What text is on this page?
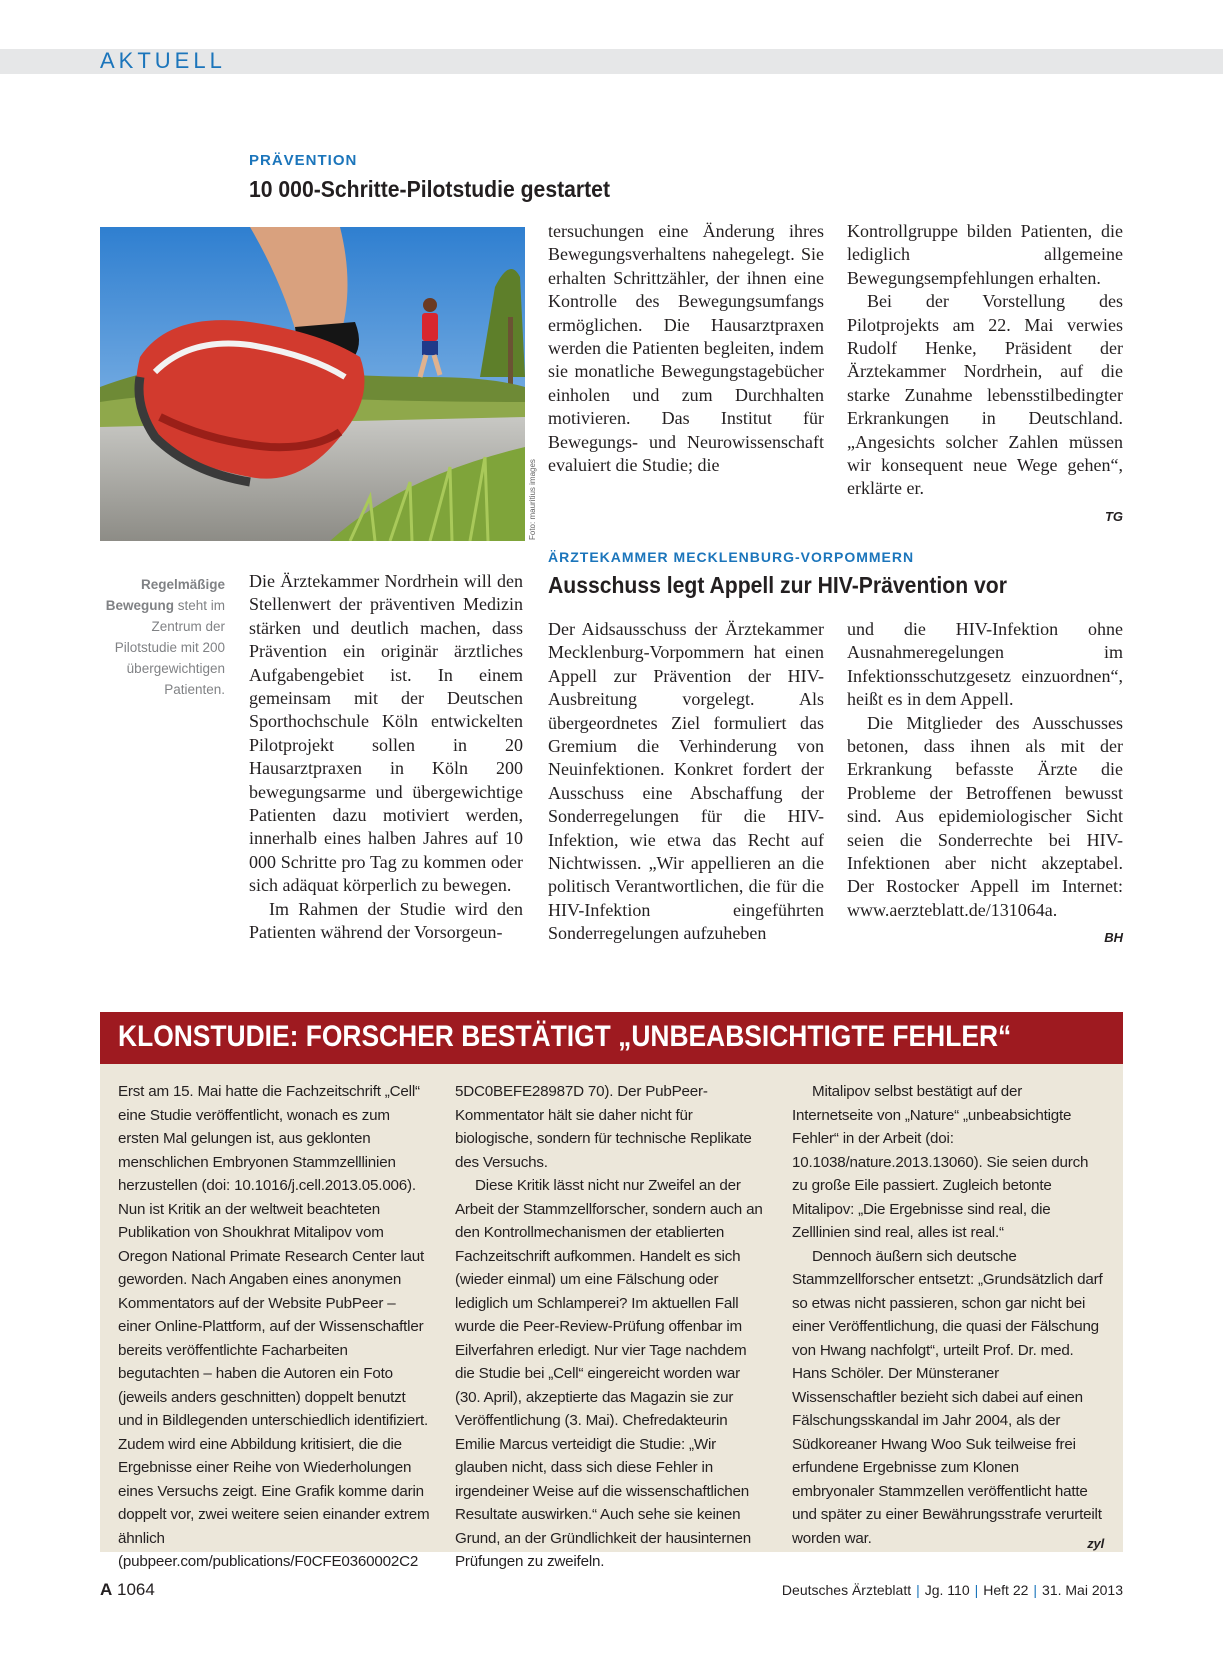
AKTUELL
PRÄVENTION
10 000-Schritte-Pilotstudie gestartet
Foto: mauritius images
Regelmäßige Bewegung steht im Zentrum der Pilotstudie mit 200 übergewichtigen Patienten.

Die Ärztekammer Nordrhein will den Stellenwert der präventiven Medizin stärken und deutlich machen, dass Prävention ein originär ärztliches Aufgabengebiet ist. In einem gemeinsam mit der Deutschen Sporthochschule Köln entwickelten Pilotprojekt sollen in 20 Hausarztpraxen in Köln 200 bewegungsarme und übergewichtige Patienten dazu motiviert werden, innerhalb eines halben Jahres auf 10 000 Schritte pro Tag zu kommen oder sich adäquat körperlich zu bewegen.

Im Rahmen der Studie wird den Patienten während der Vorsorgeun-

tersuchungen eine Änderung ihres Bewegungsverhaltens nahegelegt. Sie erhalten Schrittzähler, der ihnen eine Kontrolle des Bewegungsumfangs ermöglichen. Die Hausarztpraxen werden die Patienten begleiten, indem sie monatliche Bewegungstagebücher einholen und zum Durchhalten motivieren. Das Institut für Bewegungs- und Neurowissenschaft evaluiert die Studie; die

Kontrollgruppe bilden Patienten, die lediglich allgemeine Bewegungsempfehlungen erhalten.

Bei der Vorstellung des Pilotprojekts am 22. Mai verwies Rudolf Henke, Präsident der Ärztekammer Nordrhein, auf die starke Zunahme lebensstilbedingter Erkrankungen in Deutschland. „Angesichts solcher Zahlen müssen wir konsequent neue Wege gehen“, erklärte er.

TG
ÄRZTEKAMMER MECKLENBURG-VORPOMMERN
Ausschuss legt Appell zur HIV-Prävention vor

Der Aidsausschuss der Ärztekammer Mecklenburg-Vorpommern hat einen Appell zur Prävention der HIV-Ausbreitung vorgelegt. Als übergeordnetes Ziel formuliert das Gremium die Verhinderung von Neuinfektionen. Konkret fordert der Ausschuss eine Abschaffung der Sonderregelungen für die HIV-Infektion, wie etwa das Recht auf Nichtwissen. „Wir appellieren an die politisch Verantwortlichen, die für die HIV-Infektion eingeführten Sonderregelungen aufzuheben

und die HIV-Infektion ohne Ausnahmeregelungen im Infektionsschutzgesetz einzuordnen“, heißt es in dem Appell.

Die Mitglieder des Ausschusses betonen, dass ihnen als mit der Erkrankung befasste Ärzte die Probleme der Betroffenen bewusst sind. Aus epidemiologischer Sicht seien die Sonderrechte bei HIV-Infektionen aber nicht akzeptabel. Der Rostocker Appell im Internet: www.aerzteblatt.de/131064a.

BH
KLONSTUDIE: FORSCHER BESTÄTIGT „UNBEABSICHTIGTE FEHLER“

Erst am 15. Mai hatte die Fachzeitschrift „Cell“ eine Studie veröffentlicht, wonach es zum ersten Mal gelungen ist, aus geklonten menschlichen Embryonen Stammzelllinien herzustellen (doi: 10.1016/j.cell.2013.05.006). Nun ist Kritik an der weltweit beachteten Publikation von Shoukhrat Mitalipov vom Oregon National Primate Research Center laut geworden. Nach Angaben eines anonymen Kommentators auf der Website PubPeer – einer Online-Plattform, auf der Wissenschaftler bereits veröffentlichte Facharbeiten begutachten – haben die Autoren ein Foto (jeweils anders geschnitten) doppelt benutzt und in Bildlegenden unterschiedlich identifiziert. Zudem wird eine Abbildung kritisiert, die die Ergebnisse einer Reihe von Wiederholungen eines Versuchs zeigt. Eine Grafik komme darin doppelt vor, zwei weitere seien einander extrem ähnlich (pubpeer.com/publications/F0CFE0360002C2

5DC0BEFE28987D 70). Der PubPeer-Kommentator hält sie daher nicht für biologische, sondern für technische Replikate des Versuchs.

Diese Kritik lässt nicht nur Zweifel an der Arbeit der Stammzellforscher, sondern auch an den Kontrollmechanismen der etablierten Fachzeitschrift aufkommen. Handelt es sich (wieder einmal) um eine Fälschung oder lediglich um Schlamperei? Im aktuellen Fall wurde die Peer-Review-Prüfung offenbar im Eilverfahren erledigt. Nur vier Tage nachdem die Studie bei „Cell“ eingereicht worden war (30. April), akzeptierte das Magazin sie zur Veröffentlichung (3. Mai). Chefredakteurin Emilie Marcus verteidigt die Studie: „Wir glauben nicht, dass sich diese Fehler in irgendeiner Weise auf die wissenschaftlichen Resultate auswirken.“ Auch sehe sie keinen Grund, an der Gründlichkeit der hausinternen Prüfungen zu zweifeln.

Mitalipov selbst bestätigt auf der Internetseite von „Nature“ „unbeabsichtigte Fehler“ in der Arbeit (doi: 10.1038/nature.2013.13060). Sie seien durch zu große Eile passiert. Zugleich betonte Mitalipov: „Die Ergebnisse sind real, die Zelllinien sind real, alles ist real.“

Dennoch äußern sich deutsche Stammzellforscher entsetzt: „Grundsätzlich darf so etwas nicht passieren, schon gar nicht bei einer Veröffentlichung, die quasi der Fälschung von Hwang nachfolgt“, urteilt Prof. Dr. med. Hans Schöler. Der Münsteraner Wissenschaftler bezieht sich dabei auf einen Fälschungsskandal im Jahr 2004, als der Südkoreaner Hwang Woo Suk teilweise frei erfundene Ergebnisse zum Klonen embryonaler Stammzellen veröffentlicht hatte und später zu einer Bewährungsstrafe verurteilt worden war.	zyl
A 1064	Deutsches Ärzteblatt | Jg. 110 | Heft 22 | 31. Mai 2013
